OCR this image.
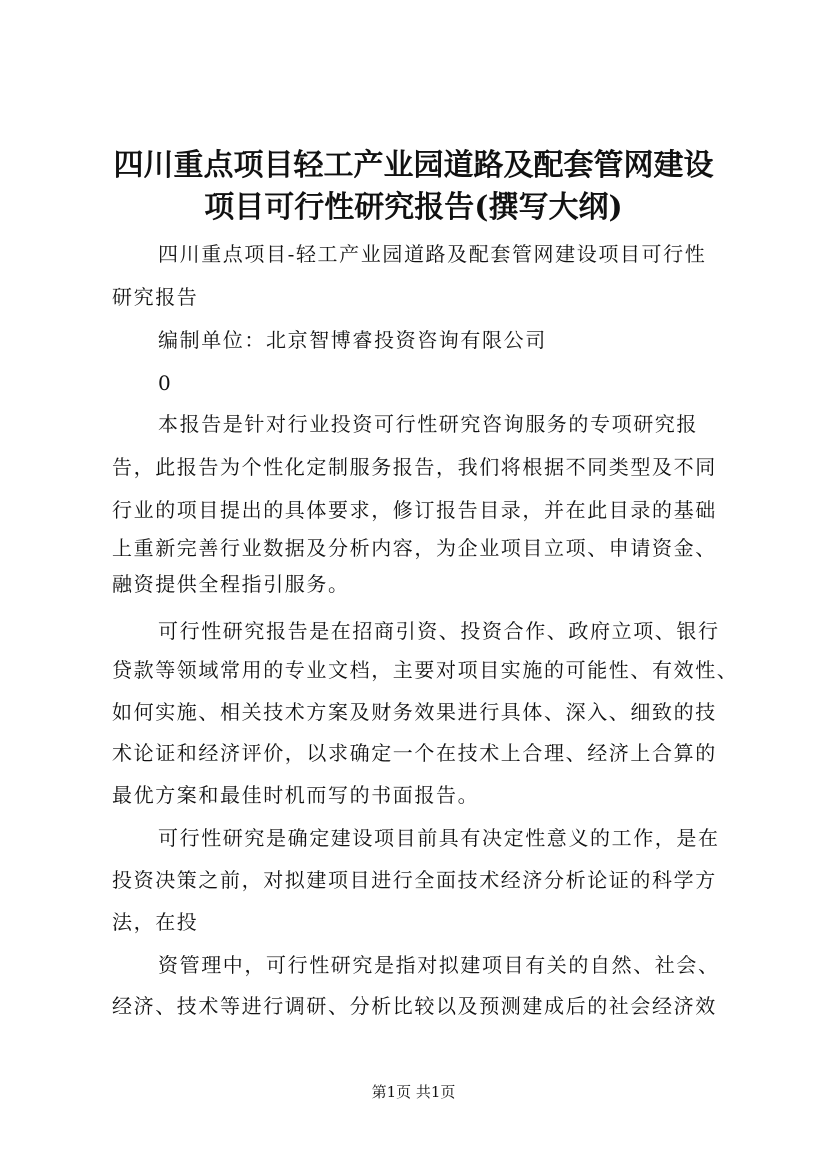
四川重点项目轻工产业园道路及配套管网建设
项目可行性研究报告(撰写大纲)
四川重点项目-轻工产业园道路及配套管网建设项目可行性
研究报告
编制单位：北京智博睿投资咨询有限公司
0
本报告是针对行业投资可行性研究咨询服务的专项研究报
告，此报告为个性化定制服务报告，我们将根据不同类型及不同
行业的项目提出的具体要求，修订报告目录，并在此目录的基础
上重新完善行业数据及分析内容，为企业项目立项、申请资金、
融资提供全程指引服务。
可行性研究报告是在招商引资、投资合作、政府立项、银行
贷款等领域常用的专业文档，主要对项目实施的可能性、有效性、
如何实施、相关技术方案及财务效果进行具体、深入、细致的技
术论证和经济评价，以求确定一个在技术上合理、经济上合算的
最优方案和最佳时机而写的书面报告。
可行性研究是确定建设项目前具有决定性意义的工作，是在
投资决策之前，对拟建项目进行全面技术经济分析论证的科学方
法，在投
资管理中，可行性研究是指对拟建项目有关的自然、社会、
经济、技术等进行调研、分析比较以及预测建成后的社会经济效
第1页 共1页
